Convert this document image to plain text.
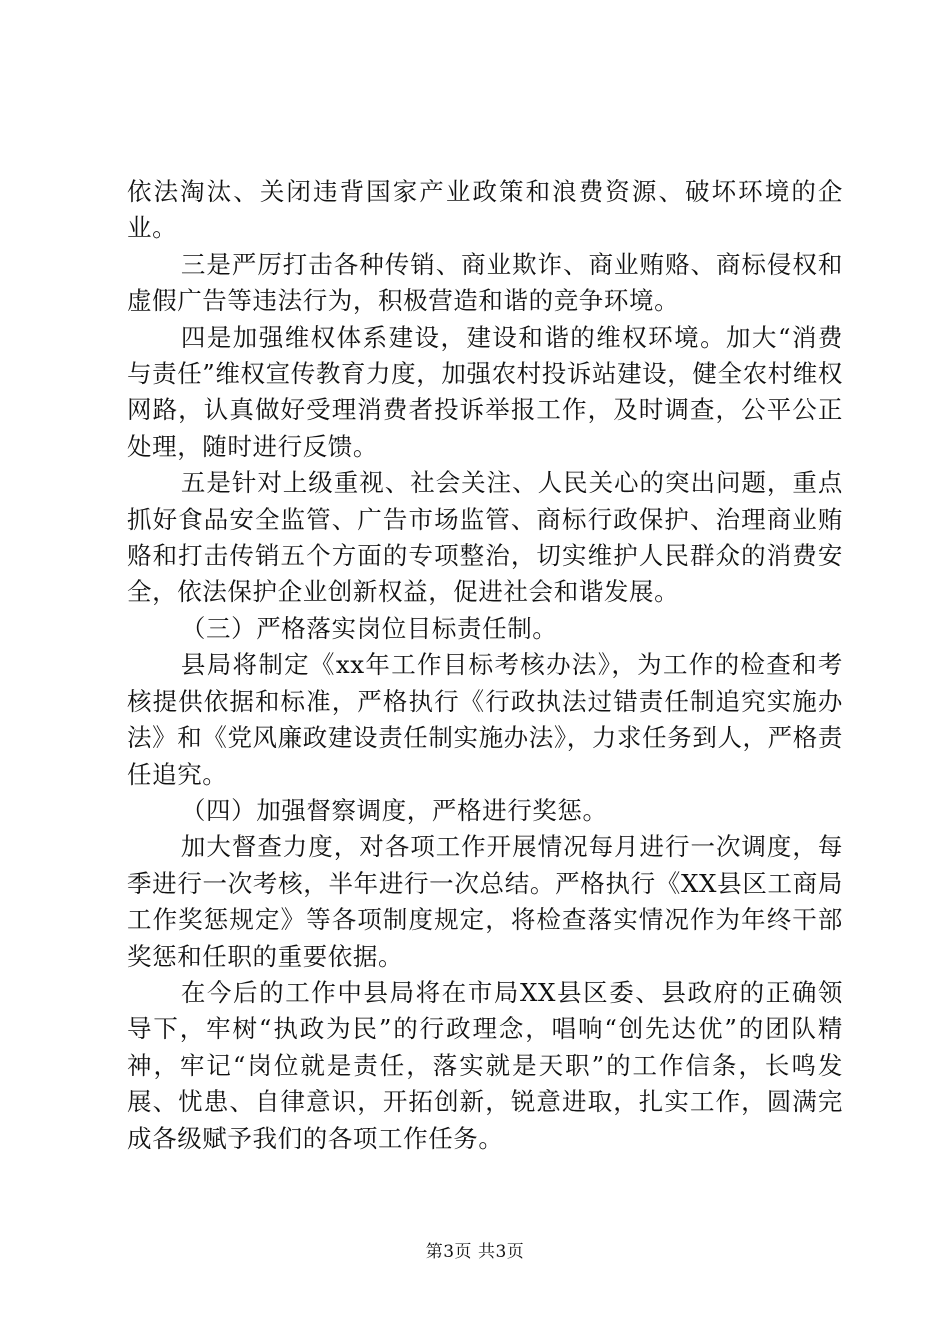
依法淘汰、关闭违背国家产业政策和浪费资源、破坏环境的企业。

三是严厉打击各种传销、商业欺诈、商业贿赂、商标侵权和虚假广告等违法行为，积极营造和谐的竞争环境。

四是加强维权体系建设，建设和谐的维权环境。加大“消费与责任”维权宣传教育力度，加强农村投诉站建设，健全农村维权网路，认真做好受理消费者投诉举报工作，及时调查，公平公正处理，随时进行反馈。

五是针对上级重视、社会关注、人民关心的突出问题，重点抓好食品安全监管、广告市场监管、商标行政保护、治理商业贿赂和打击传销五个方面的专项整治，切实维护人民群众的消费安全，依法保护企业创新权益，促进社会和谐发展。

（三）严格落实岗位目标责任制。

县局将制定《xx年工作目标考核办法》，为工作的检查和考核提供依据和标准，严格执行《行政执法过错责任制追究实施办法》和《党风廉政建设责任制实施办法》，力求任务到人，严格责任追究。

（四）加强督察调度，严格进行奖惩。

加大督查力度，对各项工作开展情况每月进行一次调度，每季进行一次考核，半年进行一次总结。严格执行《XX县区工商局工作奖惩规定》等各项制度规定，将检查落实情况作为年终干部奖惩和任职的重要依据。

在今后的工作中县局将在市局XX县区委、县政府的正确领导下，牢树“执政为民”的行政理念，唱响“创先达优”的团队精神，牢记“岗位就是责任，落实就是天职”的工作信条，长鸣发展、忧患、自律意识，开拓创新，锐意进取，扎实工作，圆满完成各级赋予我们的各项工作任务。

第3页 共3页
